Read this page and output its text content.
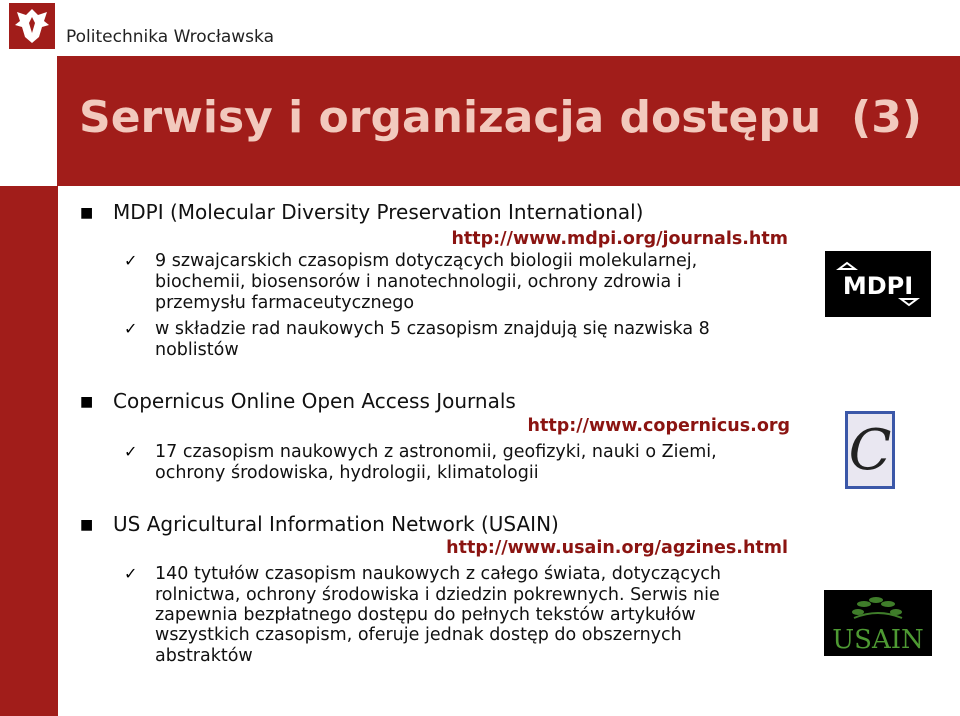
Politechnika Wrocławska
Serwisy i organizacja dostępu (3)
■ MDPI (Molecular Diversity Preservation International)
http://www.mdpi.org/journals.htm
✓ 9 szwajcarskich czasopism dotyczących biologii molekularnej,
biochemii, biosensorów i nanotechnologii, ochrony zdrowia i
przemysłu farmaceutycznego
✓ w składzie rad naukowych 5 czasopism znajdują się nazwiska 8
noblistów
MDPI
■ Copernicus Online Open Access Journals
http://www.copernicus.org
✓ 17 czasopism naukowych z astronomii, geofizyki, nauki o Ziemi,
ochrony środowiska, hydrologii, klimatologii	C
■ US Agricultural Information Network (USAIN)
http://www.usain.org/agzines.html
✓ 140 tytułów czasopism naukowych z całego świata, dotyczących
rolnictwa, ochrony środowiska i dziedzin pokrewnych. Serwis nie
zapewnia bezpłatnego dostępu do pełnych tekstów artykułów
wszystkich czasopism, oferuje jednak dostęp do obszernych
abstraktów
USAIN
